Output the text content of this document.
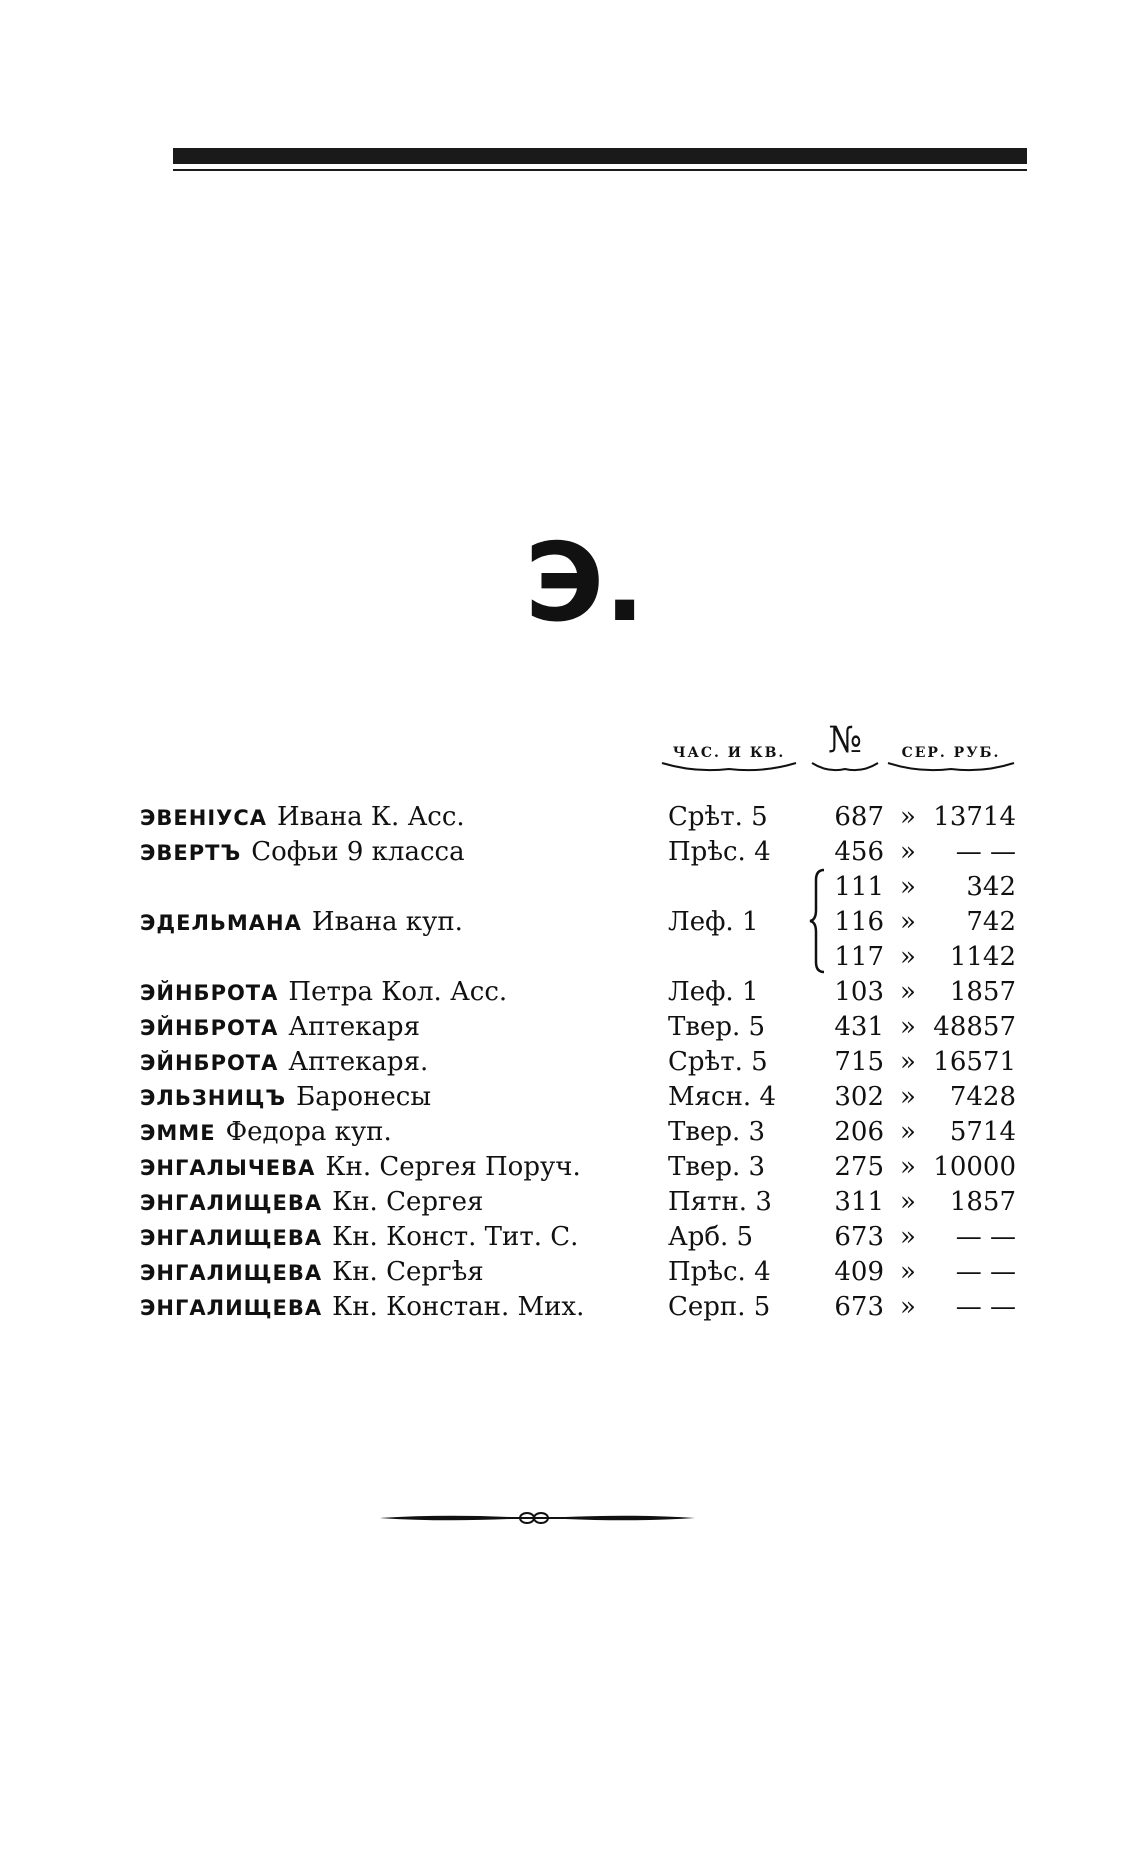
Э.
ЧАС. И КВ.	№	СЕР. РУБ.
ЭВЕНІУСА Ивана К. Асс.	Срѣт. 5	687 » 13714
ЭВЕРТЪ Софьи 9 класса	Прѣс. 4	456 »	— —
ЭДЕЛЬМАНА Ивана куп.	Леф. 1
111 »	342
116 »	742
117 »	1142
ЭЙНБРОТА Петра Кол. Асс.	Леф. 1	103 »	1857
ЭЙНБРОТА Аптекаря	Твер. 5	431 » 48857
ЭЙНБРОТА Аптекаря.	Срѣт. 5	715 » 16571
ЭЛЬЗНИЦЪ Баронесы	Мясн. 4	302 »	7428
ЭММЕ Федора куп.	Твер. 3	206 »	5714
ЭНГАЛЫЧЕВА Кн. Сергея Поруч.	Твер. 3	275 » 10000
ЭНГАЛИЩЕВА Кн. Сергея	Пятн. 3	311 »	1857
ЭНГАЛИЩЕВА Кн. Конст. Тит. С.	Арб. 5	673 »	— —
ЭНГАЛИЩЕВА Кн. Сергѣя	Прѣс. 4	409 »	— —
ЭНГАЛИЩЕВА Кн. Констан. Мих.	Серп. 5	673 »	— —
